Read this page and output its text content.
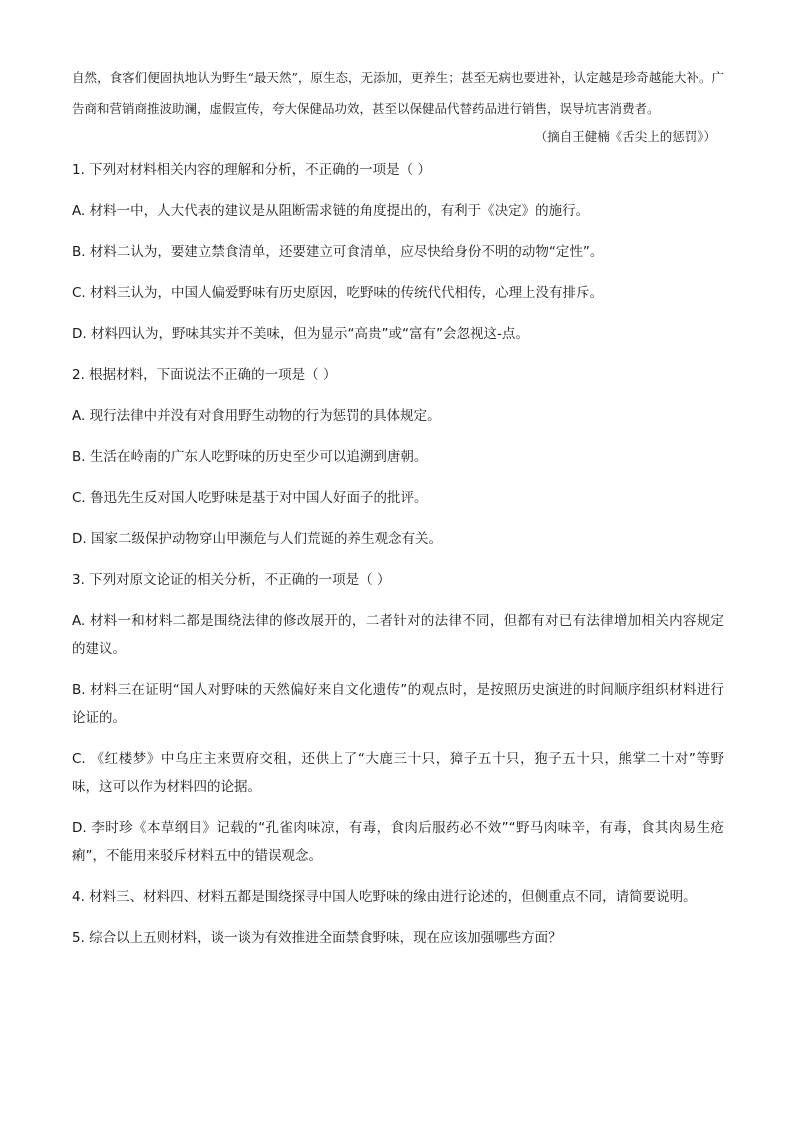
自然，食客们便固执地认为野生“最天然”，原生态，无添加，更养生；甚至无病也要进补，认定越是珍奇越能大补。广告商和营销商推波助澜，虚假宣传，夸大保健品功效，甚至以保健品代替药品进行销售，误导坑害消费者。

（摘自王健楠《舌尖上的惩罚》）

1. 下列对材料相关内容的理解和分析，不正确的一项是（ ）

A. 材料一中，人大代表的建议是从阻断需求链的角度提出的，有利于《决定》的施行。

B. 材料二认为，要建立禁食清单，还要建立可食清单，应尽快给身份不明的动物“定性”。

C. 材料三认为，中国人偏爱野味有历史原因，吃野味的传统代代相传，心理上没有排斥。

D. 材料四认为，野味其实并不美味，但为显示“高贵”或“富有”会忽视这-点。

2. 根据材料，下面说法不正确的一项是（ ）

A. 现行法律中并没有对食用野生动物的行为惩罚的具体规定。

B. 生活在岭南的广东人吃野味的历史至少可以追溯到唐朝。

C. 鲁迅先生反对国人吃野味是基于对中国人好面子的批评。

D. 国家二级保护动物穿山甲濒危与人们荒诞的养生观念有关。

3. 下列对原文论证的相关分析，不正确的一项是（ ）

A. 材料一和材料二都是围绕法律的修改展开的，二者针对的法律不同，但都有对已有法律增加相关内容规定的建议。

B. 材料三在证明“国人对野味的天然偏好来自文化遗传”的观点时，是按照历史演进的时间顺序组织材料进行论证的。

C. 《红楼梦》中乌庄主来贾府交租，还供上了“大鹿三十只，獐子五十只，狍子五十只，熊掌二十对”等野味，这可以作为材料四的论据。

D. 李时珍《本草纲目》记载的“孔雀肉味凉，有毒，食肉后服药必不效”“野马肉味辛，有毒，食其肉易生疮痢”，不能用来驳斥材料五中的错误观念。

4. 材料三、材料四、材料五都是围绕探寻中国人吃野味的缘由进行论述的，但侧重点不同，请简要说明。

5. 综合以上五则材料，谈一谈为有效推进全面禁食野味，现在应该加强哪些方面？
